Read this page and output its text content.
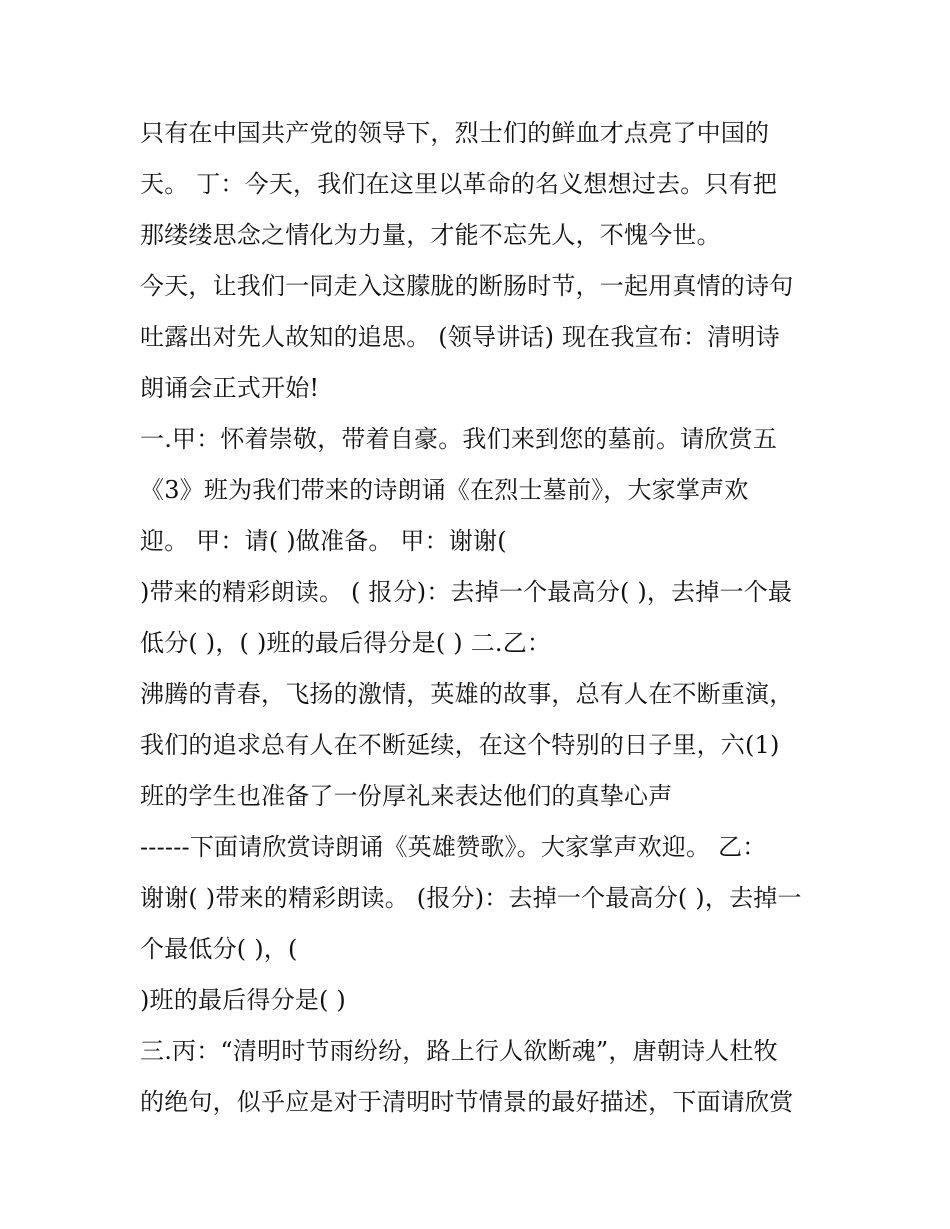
只有在中国共产党的领导下，烈士们的鲜血才点亮了中国的
天。 丁：今天，我们在这里以革命的名义想想过去。只有把
那缕缕思念之情化为力量，才能不忘先人，不愧今世。
今天，让我们一同走入这朦胧的断肠时节，一起用真情的诗句
吐露出对先人故知的追思。 (领导讲话) 现在我宣布：清明诗
朗诵会正式开始!
一.甲：怀着崇敬，带着自豪。我们来到您的墓前。请欣赏五
《3》班为我们带来的诗朗诵《在烈士墓前》，大家掌声欢
迎。 甲：请( )做准备。 甲：谢谢(
)带来的精彩朗读。 ( 报分)：去掉一个最高分( )，去掉一个最
低分( )，( )班的最后得分是( ) 二.乙：
沸腾的青春，飞扬的激情，英雄的故事，总有人在不断重演，
我们的追求总有人在不断延续，在这个特别的日子里，六(1)
班的学生也准备了一份厚礼来表达他们的真挚心声
------下面请欣赏诗朗诵《英雄赞歌》。大家掌声欢迎。 乙：
谢谢( )带来的精彩朗读。 (报分)：去掉一个最高分( )，去掉一
个最低分( )，(
)班的最后得分是( )
三.丙：“清明时节雨纷纷，路上行人欲断魂”，唐朝诗人杜牧
的绝句，似乎应是对于清明时节情景的最好描述，下面请欣赏
